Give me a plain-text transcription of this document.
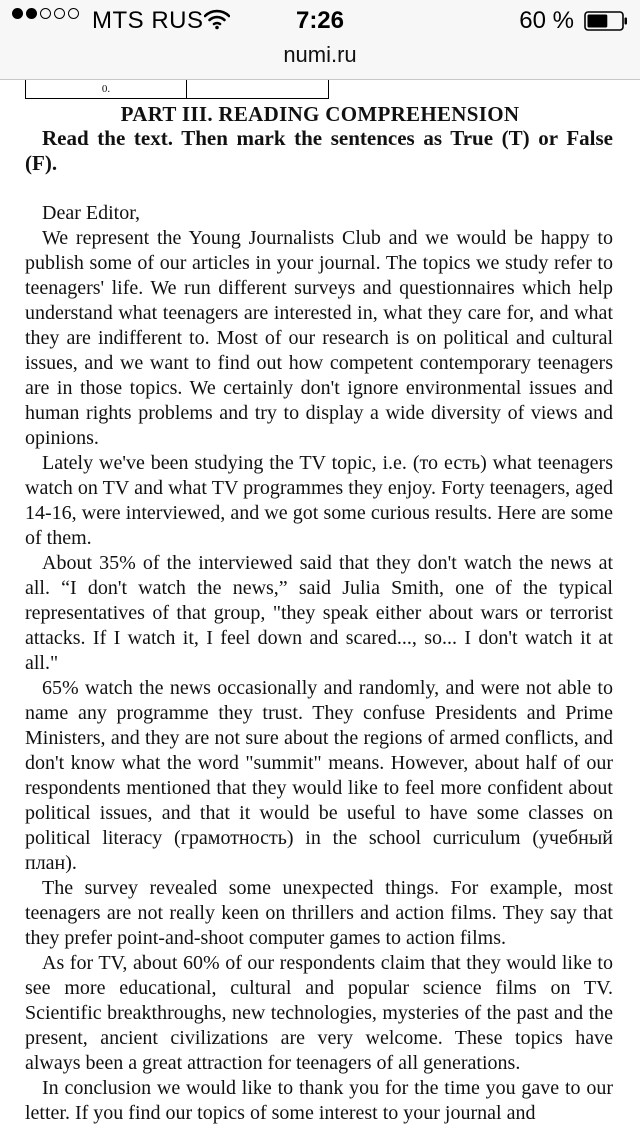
MTS RUS	7:26	60 %
numi.ru
0.
PART III. READING COMPREHENSION
Read the text. Then mark the sentences as True (T) or False (F).

Dear Editor,

We represent the Young Journalists Club and we would be happy to publish some of our articles in your journal. The topics we study refer to teenagers' life. We run different surveys and questionnaires which help understand what teenagers are interested in, what they care for, and what they are indifferent to. Most of our research is on political and cultural issues, and we want to find out how competent contemporary teenagers are in those topics. We certainly don't ignore environmental issues and human rights problems and try to display a wide diversity of views and opinions.

Lately we've been studying the TV topic, i.e. (то есть) what teenagers watch on TV and what TV programmes they enjoy. Forty teenagers, aged 14-16, were interviewed, and we got some curious results. Here are some of them.

About 35% of the interviewed said that they don't watch the news at all. “I don't watch the news,” said Julia Smith, one of the typical representatives of that group, "they speak either about wars or terrorist attacks. If I watch it, I feel down and scared..., so... I don't watch it at all."

65% watch the news occasionally and randomly, and were not able to name any programme they trust. They confuse Presidents and Prime Ministers, and they are not sure about the regions of armed conflicts, and don't know what the word "summit" means. However, about half of our respondents mentioned that they would like to feel more confident about political issues, and that it would be useful to have some classes on political literacy (грамотность) in the school curriculum (учебный план).

The survey revealed some unexpected things. For example, most teenagers are not really keen on thrillers and action films. They say that they prefer point-and-shoot computer games to action films.

As for TV, about 60% of our respondents claim that they would like to see more educational, cultural and popular science films on TV. Scientific breakthroughs, new technologies, mysteries of the past and the present, ancient civilizations are very welcome. These topics have always been a great attraction for teenagers of all generations.

In conclusion we would like to thank you for the time you gave to our letter. If you find our topics of some interest to your journal and
